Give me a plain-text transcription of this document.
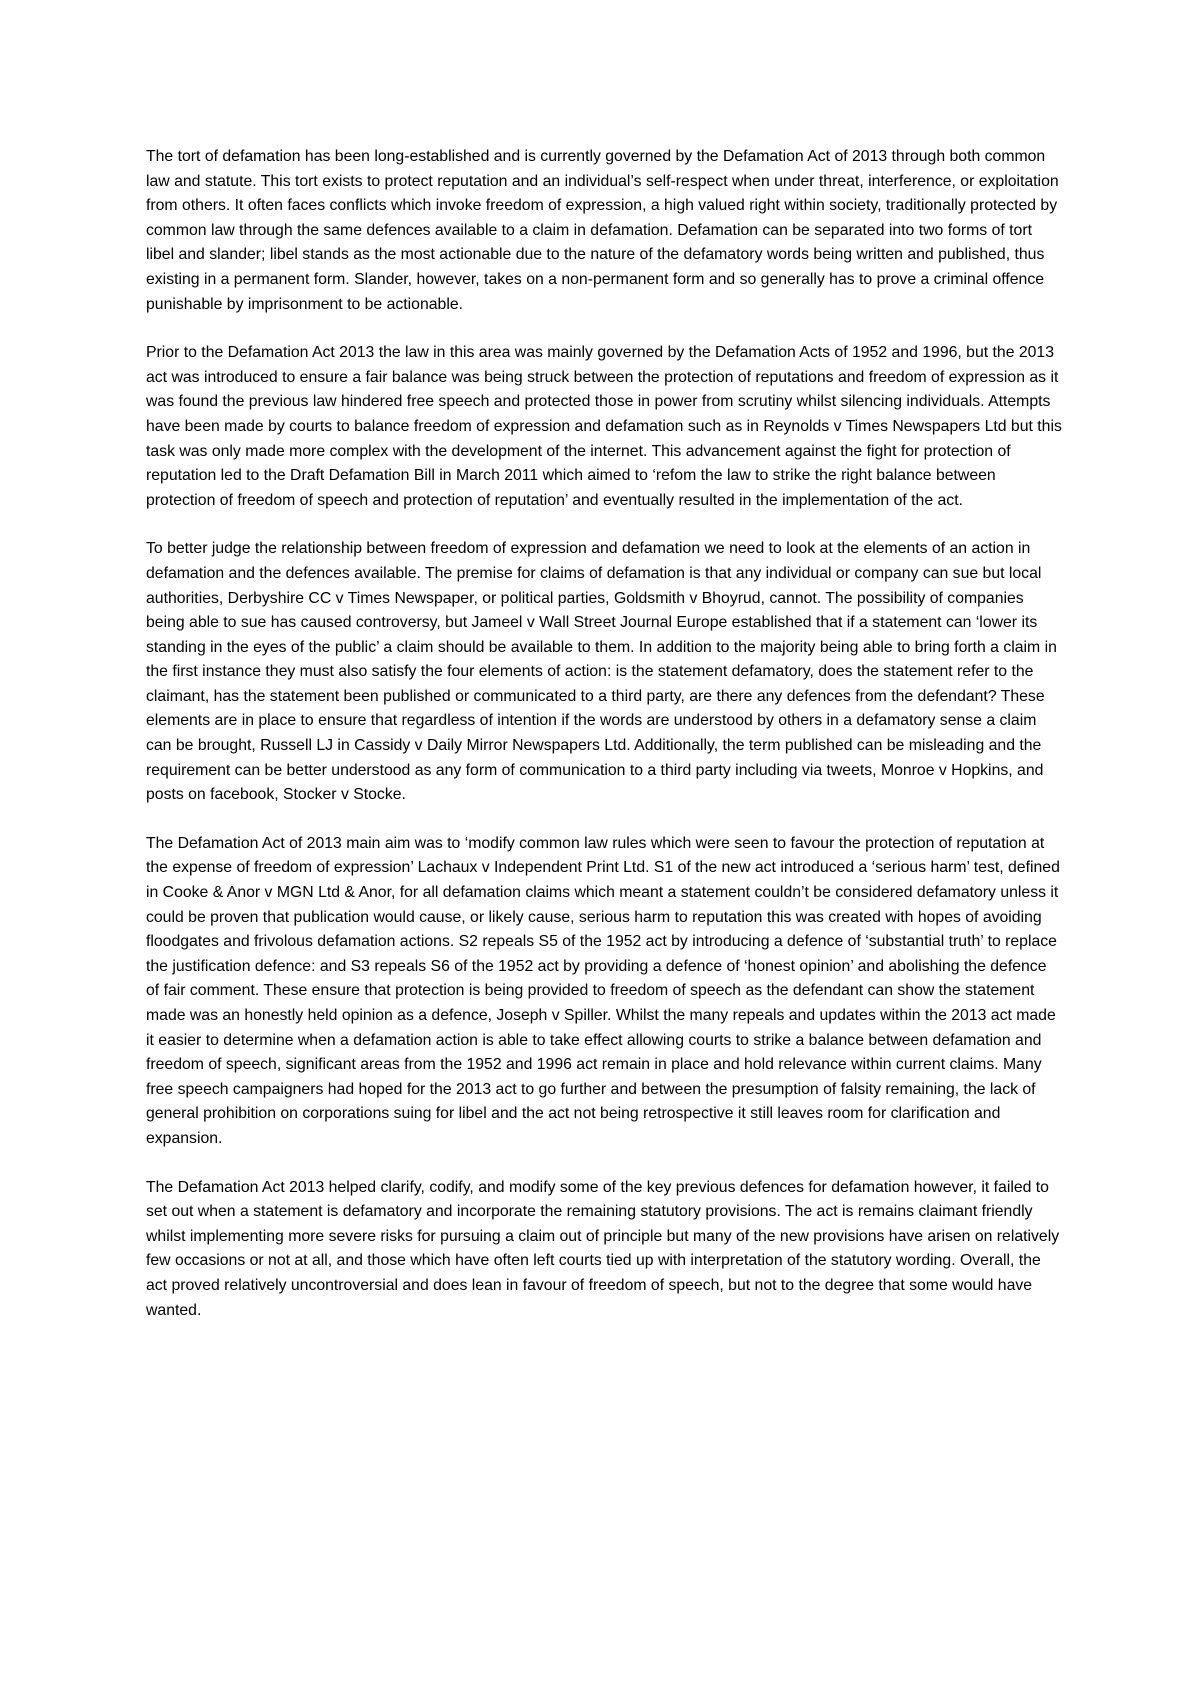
The tort of defamation has been long-established and is currently governed by the Defamation Act of 2013 through both common law and statute. This tort exists to protect reputation and an individual’s self-respect when under threat, interference, or exploitation from others. It often faces conflicts which invoke freedom of expression, a high valued right within society, traditionally protected by common law through the same defences available to a claim in defamation. Defamation can be separated into two forms of tort libel and slander; libel stands as the most actionable due to the nature of the defamatory words being written and published, thus existing in a permanent form. Slander, however, takes on a non-permanent form and so generally has to prove a criminal offence punishable by imprisonment to be actionable.

Prior to the Defamation Act 2013 the law in this area was mainly governed by the Defamation Acts of 1952 and 1996, but the 2013 act was introduced to ensure a fair balance was being struck between the protection of reputations and freedom of expression as it was found the previous law hindered free speech and protected those in power from scrutiny whilst silencing individuals. Attempts have been made by courts to balance freedom of expression and defamation such as in Reynolds v Times Newspapers Ltd but this task was only made more complex with the development of the internet. This advancement against the fight for protection of reputation led to the Draft Defamation Bill in March 2011 which aimed to ‘refom the law to strike the right balance between protection of freedom of speech and protection of reputation’ and eventually resulted in the implementation of the act.

To better judge the relationship between freedom of expression and defamation we need to look at the elements of an action in defamation and the defences available. The premise for claims of defamation is that any individual or company can sue but local authorities, Derbyshire CC v Times Newspaper, or political parties, Goldsmith v Bhoyrud, cannot. The possibility of companies being able to sue has caused controversy, but Jameel v Wall Street Journal Europe established that if a statement can ‘lower its standing in the eyes of the public’ a claim should be available to them. In addition to the majority being able to bring forth a claim in the first instance they must also satisfy the four elements of action: is the statement defamatory, does the statement refer to the claimant, has the statement been published or communicated to a third party, are there any defences from the defendant? These elements are in place to ensure that regardless of intention if the words are understood by others in a defamatory sense a claim can be brought, Russell LJ in Cassidy v Daily Mirror Newspapers Ltd. Additionally, the term published can be misleading and the requirement can be better understood as any form of communication to a third party including via tweets, Monroe v Hopkins, and posts on facebook, Stocker v Stocke.

The Defamation Act of 2013 main aim was to ‘modify common law rules which were seen to favour the protection of reputation at the expense of freedom of expression’ Lachaux v Independent Print Ltd. S1 of the new act introduced a ‘serious harm’ test, defined in Cooke & Anor v MGN Ltd & Anor, for all defamation claims which meant a statement couldn’t be considered defamatory unless it could be proven that publication would cause, or likely cause, serious harm to reputation this was created with hopes of avoiding floodgates and frivolous defamation actions. S2 repeals S5 of the 1952 act by introducing a defence of ‘substantial truth’ to replace the justification defence: and S3 repeals S6 of the 1952 act by providing a defence of ‘honest opinion’ and abolishing the defence of fair comment. These ensure that protection is being provided to freedom of speech as the defendant can show the statement made was an honestly held opinion as a defence, Joseph v Spiller. Whilst the many repeals and updates within the 2013 act made it easier to determine when a defamation action is able to take effect allowing courts to strike a balance between defamation and freedom of speech, significant areas from the 1952 and 1996 act remain in place and hold relevance within current claims. Many free speech campaigners had hoped for the 2013 act to go further and between the presumption of falsity remaining, the lack of general prohibition on corporations suing for libel and the act not being retrospective it still leaves room for clarification and expansion.

The Defamation Act 2013 helped clarify, codify, and modify some of the key previous defences for defamation however, it failed to set out when a statement is defamatory and incorporate the remaining statutory provisions. The act is remains claimant friendly whilst implementing more severe risks for pursuing a claim out of principle but many of the new provisions have arisen on relatively few occasions or not at all, and those which have often left courts tied up with interpretation of the statutory wording. Overall, the act proved relatively uncontroversial and does lean in favour of freedom of speech, but not to the degree that some would have wanted.
